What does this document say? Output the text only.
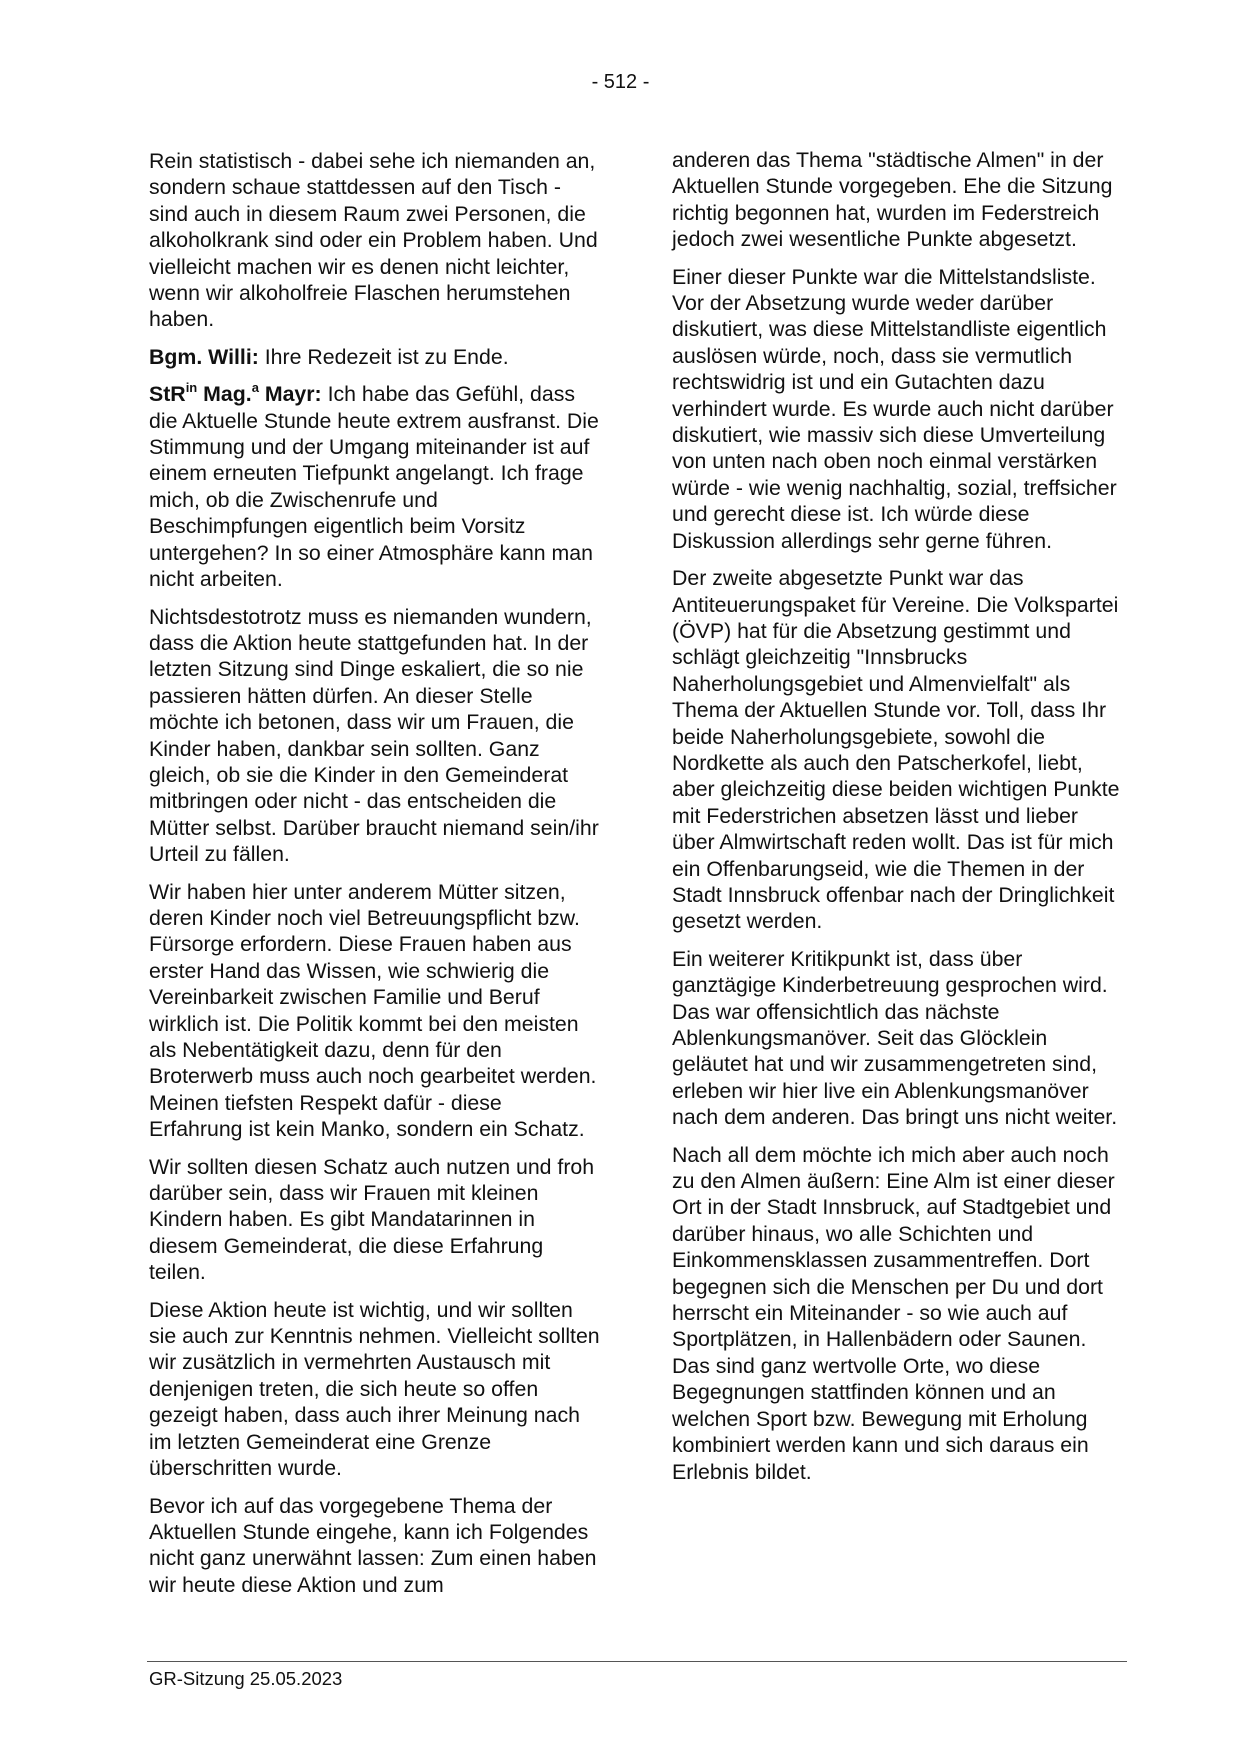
- 512 -

Rein statistisch - dabei sehe ich niemanden an, sondern schaue stattdessen auf den Tisch - sind auch in diesem Raum zwei Personen, die alkoholkrank sind oder ein Problem haben. Und vielleicht machen wir es denen nicht leichter, wenn wir alkoholfreie Flaschen herumstehen haben.

Bgm. Willi: Ihre Redezeit ist zu Ende.

StR$^{in}$ Mag.$^a$ Mayr: Ich habe das Gefühl, dass die Aktuelle Stunde heute extrem ausfranst. Die Stimmung und der Umgang miteinander ist auf einem erneuten Tiefpunkt angelangt. Ich frage mich, ob die Zwischenrufe und Beschimpfungen eigentlich beim Vorsitz untergehen? In so einer Atmosphäre kann man nicht arbeiten.

Nichtsdestotrotz muss es niemanden wundern, dass die Aktion heute stattgefunden hat. In der letzten Sitzung sind Dinge eskaliert, die so nie passieren hätten dürfen. An dieser Stelle möchte ich betonen, dass wir um Frauen, die Kinder haben, dankbar sein sollten. Ganz gleich, ob sie die Kinder in den Gemeinderat mitbringen oder nicht - das entscheiden die Mütter selbst. Darüber braucht niemand sein/ihr Urteil zu fällen.

Wir haben hier unter anderem Mütter sitzen, deren Kinder noch viel Betreuungspflicht bzw. Fürsorge erfordern. Diese Frauen haben aus erster Hand das Wissen, wie schwierig die Vereinbarkeit zwischen Familie und Beruf wirklich ist. Die Politik kommt bei den meisten als Nebentätigkeit dazu, denn für den Broterwerb muss auch noch gearbeitet werden. Meinen tiefsten Respekt dafür - diese Erfahrung ist kein Manko, sondern ein Schatz.

Wir sollten diesen Schatz auch nutzen und froh darüber sein, dass wir Frauen mit kleinen Kindern haben. Es gibt Mandatarinnen in diesem Gemeinderat, die diese Erfahrung teilen.

Diese Aktion heute ist wichtig, und wir sollten sie auch zur Kenntnis nehmen. Vielleicht sollten wir zusätzlich in vermehrten Austausch mit denjenigen treten, die sich heute so offen gezeigt haben, dass auch ihrer Meinung nach im letzten Gemeinderat eine Grenze überschritten wurde.

Bevor ich auf das vorgegebene Thema der Aktuellen Stunde eingehe, kann ich Folgendes nicht ganz unerwähnt lassen: Zum einen haben wir heute diese Aktion und zum

anderen das Thema "städtische Almen" in der Aktuellen Stunde vorgegeben. Ehe die Sitzung richtig begonnen hat, wurden im Federstreich jedoch zwei wesentliche Punkte abgesetzt.

Einer dieser Punkte war die Mittelstandsliste. Vor der Absetzung wurde weder darüber diskutiert, was diese Mittelstandliste eigentlich auslösen würde, noch, dass sie vermutlich rechtswidrig ist und ein Gutachten dazu verhindert wurde. Es wurde auch nicht darüber diskutiert, wie massiv sich diese Umverteilung von unten nach oben noch einmal verstärken würde - wie wenig nachhaltig, sozial, treffsicher und gerecht diese ist. Ich würde diese Diskussion allerdings sehr gerne führen.

Der zweite abgesetzte Punkt war das Antiteuerungspaket für Vereine. Die Volkspartei (ÖVP) hat für die Absetzung gestimmt und schlägt gleichzeitig "Innsbrucks Naherholungsgebiet und Almenvielfalt" als Thema der Aktuellen Stunde vor. Toll, dass Ihr beide Naherholungsgebiete, sowohl die Nordkette als auch den Patscherkofel, liebt, aber gleichzeitig diese beiden wichtigen Punkte mit Federstrichen absetzen lässt und lieber über Almwirtschaft reden wollt. Das ist für mich ein Offenbarungseid, wie die Themen in der Stadt Innsbruck offenbar nach der Dringlichkeit gesetzt werden.

Ein weiterer Kritikpunkt ist, dass über ganztägige Kinderbetreuung gesprochen wird. Das war offensichtlich das nächste Ablenkungsmanöver. Seit das Glöcklein geläutet hat und wir zusammengetreten sind, erleben wir hier live ein Ablenkungsmanöver nach dem anderen. Das bringt uns nicht weiter.

Nach all dem möchte ich mich aber auch noch zu den Almen äußern: Eine Alm ist einer dieser Ort in der Stadt Innsbruck, auf Stadtgebiet und darüber hinaus, wo alle Schichten und Einkommensklassen zusammentreffen. Dort begegnen sich die Menschen per Du und dort herrscht ein Miteinander - so wie auch auf Sportplätzen, in Hallenbädern oder Saunen. Das sind ganz wertvolle Orte, wo diese Begegnungen stattfinden können und an welchen Sport bzw. Bewegung mit Erholung kombiniert werden kann und sich daraus ein Erlebnis bildet.

GR-Sitzung 25.05.2023
